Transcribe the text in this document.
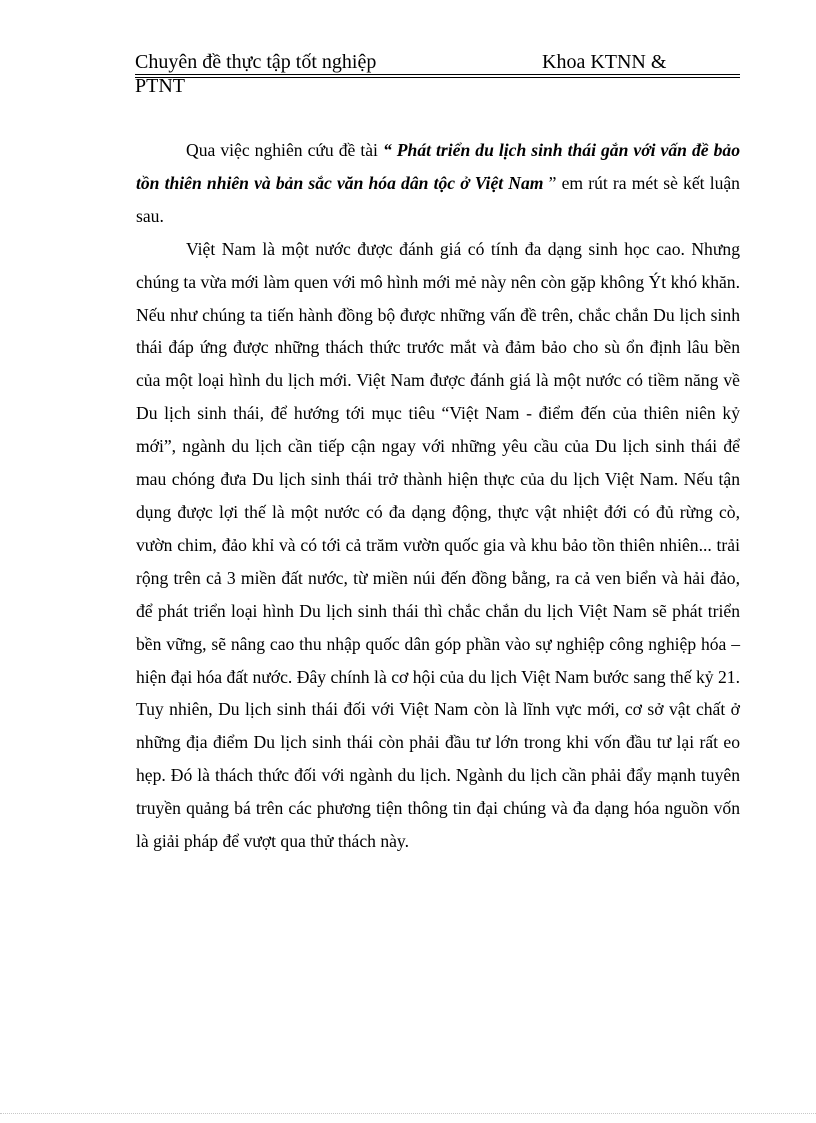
Chuyên đề thực tập tốt nghiệp	Khoa KTNN &
PTNT

Qua việc nghiên cứu đề tài “ Phát triển du lịch sinh thái gắn với vấn đề bảo tồn thiên nhiên và bản sắc văn hóa dân tộc ở Việt Nam ” em rút ra mét sè kết luận sau.

Việt Nam là một nước được đánh giá có tính đa dạng sinh học cao. Nhưng chúng ta vừa mới làm quen với mô hình mới mẻ này nên còn gặp không Ýt khó khăn. Nếu như chúng ta tiến hành đồng bộ được những vấn đề trên, chắc chắn Du lịch sinh thái đáp ứng được những thách thức trước mắt và đảm bảo cho sù ổn định lâu bền của một loại hình du lịch mới. Việt Nam được đánh giá là một nước có tiềm năng về Du lịch sinh thái, để hướng tới mục tiêu “Việt Nam - điểm đến của thiên niên kỷ mới”, ngành du lịch cần tiếp cận ngay với những yêu cầu của Du lịch sinh thái để mau chóng đưa Du lịch sinh thái trở thành hiện thực của du lịch Việt Nam. Nếu tận dụng được lợi thế là một nước có đa dạng động, thực vật nhiệt đới có đủ rừng cò, vườn chim, đảo khỉ và có tới cả trăm vườn quốc gia và khu bảo tồn thiên nhiên... trải rộng trên cả 3 miền đất nước, từ miền núi đến đồng bằng, ra cả ven biển và hải đảo, để phát triển loại hình Du lịch sinh thái thì chắc chắn du lịch Việt Nam sẽ phát triển bền vững, sẽ nâng cao thu nhập quốc dân góp phần vào sự nghiệp công nghiệp hóa – hiện đại hóa đất nước. Đây chính là cơ hội của du lịch Việt Nam bước sang thế kỷ 21. Tuy nhiên, Du lịch sinh thái đối với Việt Nam còn là lĩnh vực mới, cơ sở vật chất ở những địa điểm Du lịch sinh thái còn phải đầu tư lớn trong khi vốn đầu tư lại rất eo hẹp. Đó là thách thức đối với ngành du lịch. Ngành du lịch cần phải đẩy mạnh tuyên truyền quảng bá trên các phương tiện thông tin đại chúng và đa dạng hóa nguồn vốn là giải pháp để vượt qua thử thách này.
